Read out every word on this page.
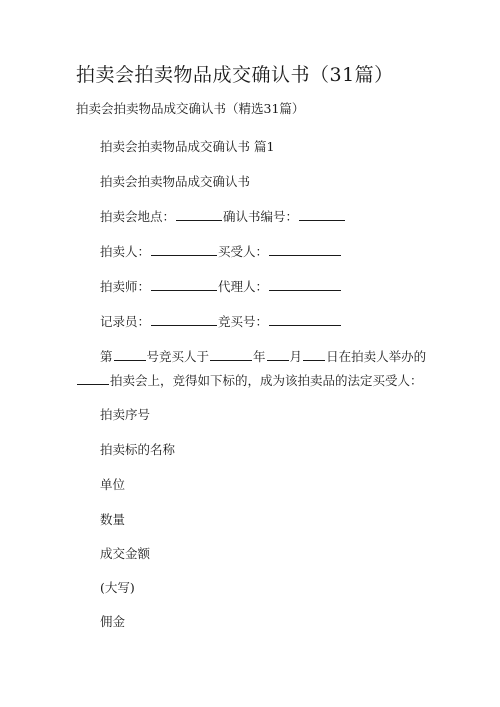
拍卖会拍卖物品成交确认书（31篇）
拍卖会拍卖物品成交确认书（精选31篇）
拍卖会拍卖物品成交确认书 篇1
拍卖会拍卖物品成交确认书
拍卖会地点：	确认书编号：
拍卖人：	买受人：
拍卖师：	代理人：
记录员：	竞买号：
第	号竞买人于	年 月 日在拍卖人举办的
拍卖会上，竞得如下标的，成为该拍卖品的法定买受人：
拍卖序号
拍卖标的名称
单位
数量
成交金额
(大写)
佣金
